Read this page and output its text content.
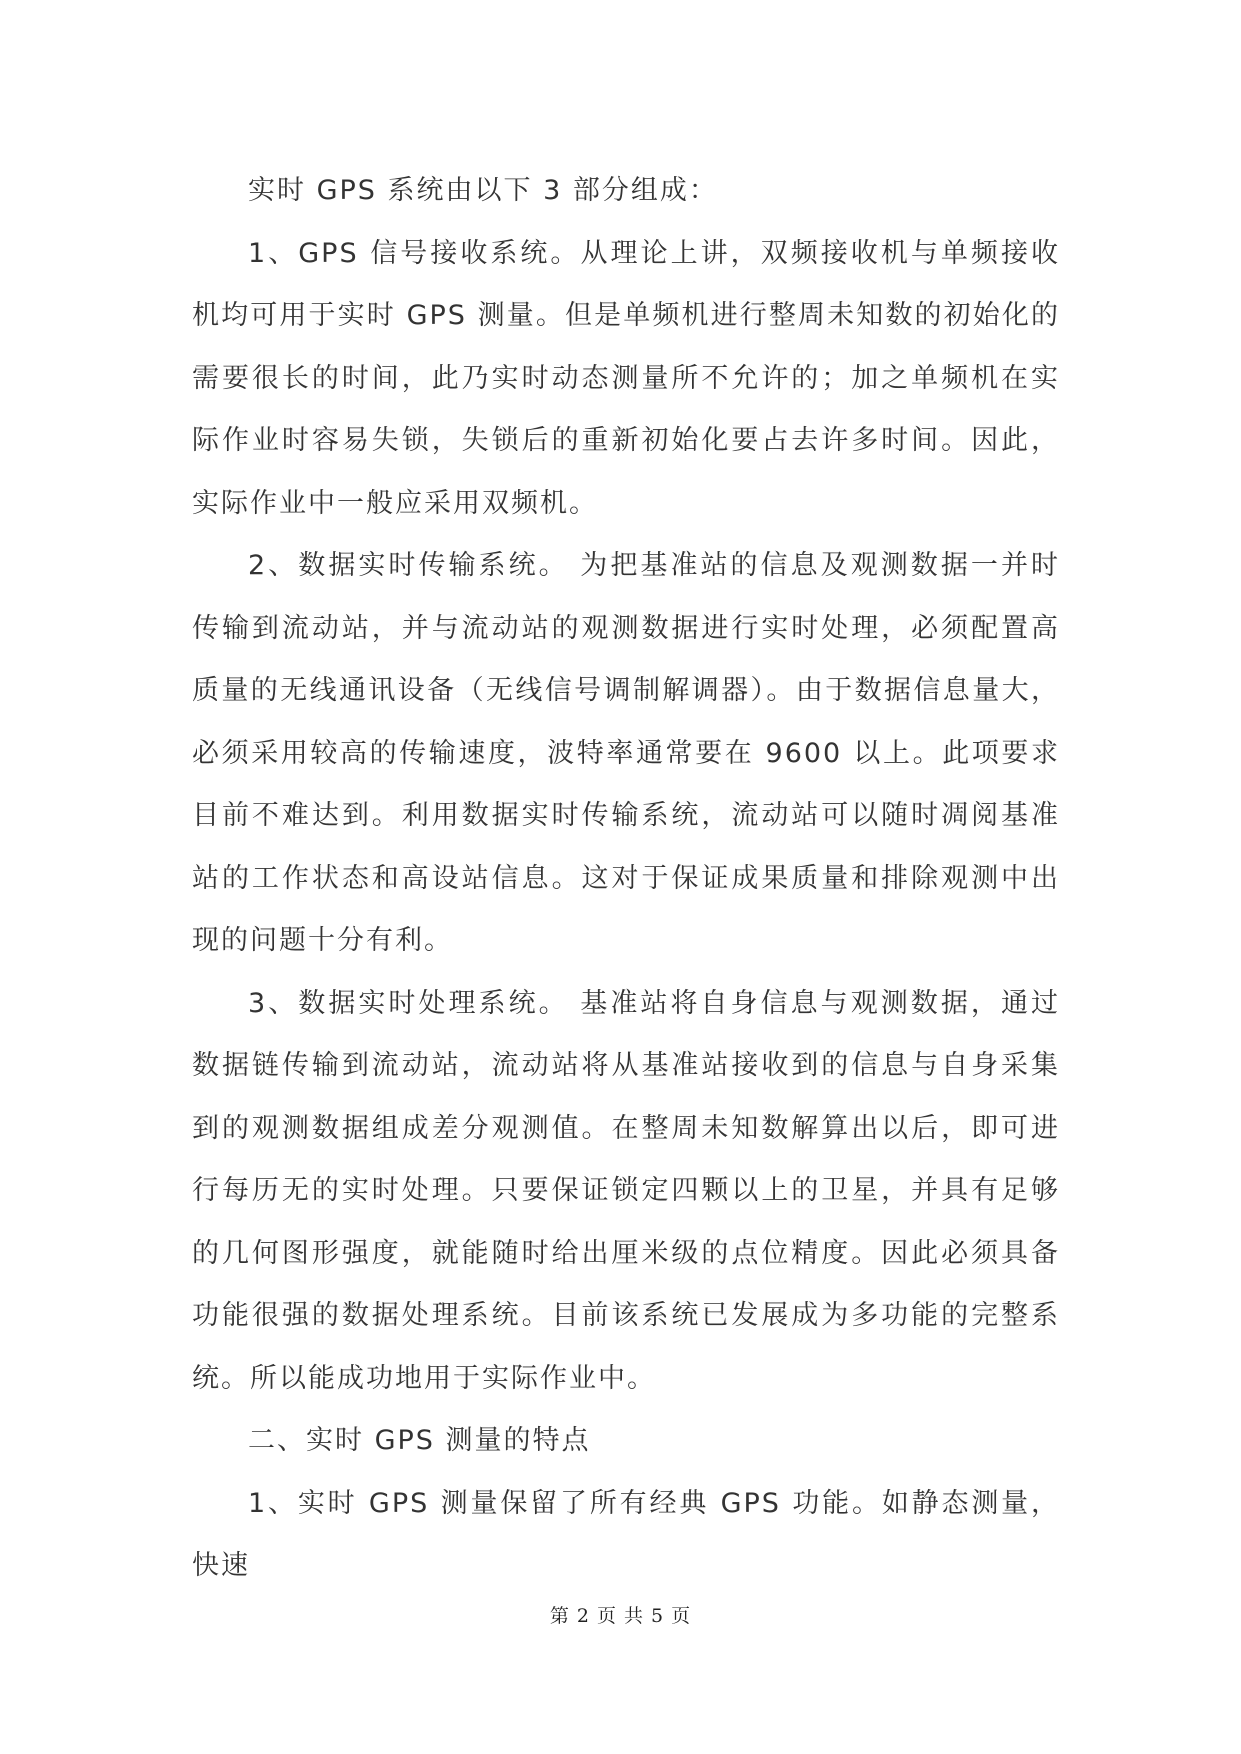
实时 GPS 系统由以下 3 部分组成：

1、GPS 信号接收系统。从理论上讲，双频接收机与单频接收机均可用于实时 GPS 测量。但是单频机进行整周未知数的初始化的需要很长的时间，此乃实时动态测量所不允许的；加之单频机在实际作业时容易失锁，失锁后的重新初始化要占去许多时间。因此，实际作业中一般应采用双频机。

2、数据实时传输系统。 为把基准站的信息及观测数据一并时传输到流动站，并与流动站的观测数据进行实时处理，必须配置高质量的无线通讯设备（无线信号调制解调器）。由于数据信息量大，必须采用较高的传输速度，波特率通常要在 9600 以上。此项要求目前不难达到。利用数据实时传输系统，流动站可以随时凋阅基准站的工作状态和高设站信息。这对于保证成果质量和排除观测中出现的问题十分有利。

3、数据实时处理系统。 基准站将自身信息与观测数据，通过数据链传输到流动站，流动站将从基准站接收到的信息与自身采集到的观测数据组成差分观测值。在整周未知数解算出以后，即可进行每历无的实时处理。只要保证锁定四颗以上的卫星，并具有足够的几何图形强度，就能随时给出厘米级的点位精度。因此必须具备功能很强的数据处理系统。目前该系统已发展成为多功能的完整系统。所以能成功地用于实际作业中。

二、实时 GPS 测量的特点

1、实时 GPS 测量保留了所有经典 GPS 功能。如静态测量，快速

第 2 页 共 5 页
